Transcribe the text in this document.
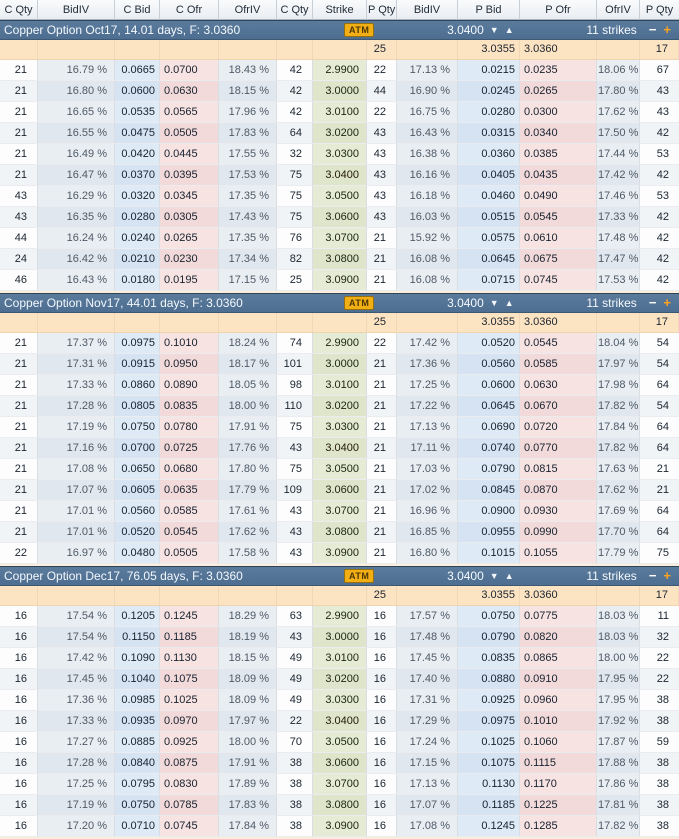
C Qty	BidIV	C Bid	C Ofr	OfrIV	C Qty	Strike	P Qty	BidIV	P Bid	P Ofr	OfrIV	P Qty

Copper Option Oct17, 14.01 days, F: 3.0360	ATM	3.0400 ▼ ▲	11 strikes − +

							25		3.0355	3.0360		17
21	16.79 %	0.0665	0.0700	18.43 %	42	2.9900	22	17.13 %	0.0215	0.0235	18.06 %	67
21	16.80 %	0.0600	0.0630	18.15 %	42	3.0000	44	16.90 %	0.0245	0.0265	17.80 %	43
21	16.65 %	0.0535	0.0565	17.96 %	42	3.0100	22	16.75 %	0.0280	0.0300	17.62 %	43
21	16.55 %	0.0475	0.0505	17.83 %	64	3.0200	43	16.43 %	0.0315	0.0340	17.50 %	42
21	16.49 %	0.0420	0.0445	17.55 %	32	3.0300	43	16.38 %	0.0360	0.0385	17.44 %	53
21	16.47 %	0.0370	0.0395	17.53 %	75	3.0400	43	16.16 %	0.0405	0.0435	17.42 %	42
43	16.29 %	0.0320	0.0345	17.35 %	75	3.0500	43	16.18 %	0.0460	0.0490	17.46 %	53
43	16.35 %	0.0280	0.0305	17.43 %	75	3.0600	43	16.03 %	0.0515	0.0545	17.33 %	42
44	16.24 %	0.0240	0.0265	17.35 %	76	3.0700	21	15.92 %	0.0575	0.0610	17.48 %	42
24	16.42 %	0.0210	0.0230	17.34 %	82	3.0800	21	16.08 %	0.0645	0.0675	17.47 %	42
46	16.43 %	0.0180	0.0195	17.15 %	25	3.0900	21	16.08 %	0.0715	0.0745	17.53 %	42

Copper Option Nov17, 44.01 days, F: 3.0360	ATM	3.0400 ▼ ▲	11 strikes − +

							25		3.0355	3.0360		17
21	17.37 %	0.0975	0.1010	18.24 %	74	2.9900	22	17.42 %	0.0520	0.0545	18.04 %	54
21	17.31 %	0.0915	0.0950	18.17 %	101	3.0000	21	17.36 %	0.0560	0.0585	17.97 %	54
21	17.33 %	0.0860	0.0890	18.05 %	98	3.0100	21	17.25 %	0.0600	0.0630	17.98 %	64
21	17.28 %	0.0805	0.0835	18.00 %	110	3.0200	21	17.22 %	0.0645	0.0670	17.82 %	54
21	17.19 %	0.0750	0.0780	17.91 %	75	3.0300	21	17.13 %	0.0690	0.0720	17.84 %	64
21	17.16 %	0.0700	0.0725	17.76 %	43	3.0400	21	17.11 %	0.0740	0.0770	17.82 %	64
21	17.08 %	0.0650	0.0680	17.80 %	75	3.0500	21	17.03 %	0.0790	0.0815	17.63 %	21
21	17.07 %	0.0605	0.0635	17.79 %	109	3.0600	21	17.02 %	0.0845	0.0870	17.62 %	21
21	17.01 %	0.0560	0.0585	17.61 %	43	3.0700	21	16.96 %	0.0900	0.0930	17.69 %	64
21	17.01 %	0.0520	0.0545	17.62 %	43	3.0800	21	16.85 %	0.0955	0.0990	17.70 %	64
22	16.97 %	0.0480	0.0505	17.58 %	43	3.0900	21	16.80 %	0.1015	0.1055	17.79 %	75

Copper Option Dec17, 76.05 days, F: 3.0360	ATM	3.0400 ▼ ▲	11 strikes − +

							25		3.0355	3.0360		17
16	17.54 %	0.1205	0.1245	18.29 %	63	2.9900	16	17.57 %	0.0750	0.0775	18.03 %	11
16	17.54 %	0.1150	0.1185	18.19 %	43	3.0000	16	17.48 %	0.0790	0.0820	18.03 %	32
16	17.42 %	0.1090	0.1130	18.15 %	49	3.0100	16	17.45 %	0.0835	0.0865	18.00 %	22
16	17.45 %	0.1040	0.1075	18.09 %	49	3.0200	16	17.40 %	0.0880	0.0910	17.95 %	22
16	17.36 %	0.0985	0.1025	18.09 %	49	3.0300	16	17.31 %	0.0925	0.0960	17.95 %	38
16	17.33 %	0.0935	0.0970	17.97 %	22	3.0400	16	17.29 %	0.0975	0.1010	17.92 %	38
16	17.27 %	0.0885	0.0925	18.00 %	70	3.0500	16	17.24 %	0.1025	0.1060	17.87 %	59
16	17.28 %	0.0840	0.0875	17.91 %	38	3.0600	16	17.15 %	0.1075	0.1115	17.88 %	38
16	17.25 %	0.0795	0.0830	17.89 %	38	3.0700	16	17.13 %	0.1130	0.1170	17.86 %	38
16	17.19 %	0.0750	0.0785	17.83 %	38	3.0800	16	17.07 %	0.1185	0.1225	17.81 %	38
16	17.20 %	0.0710	0.0745	17.84 %	38	3.0900	16	17.08 %	0.1245	0.1285	17.82 %	38
